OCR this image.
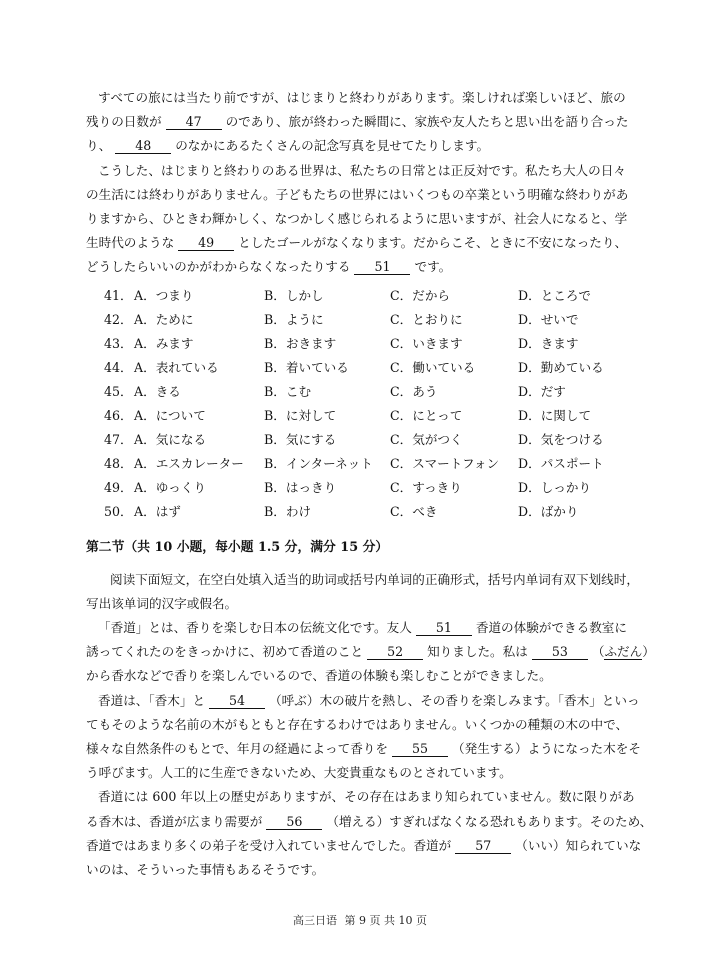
すべての旅には当たり前ですが、はじまりと終わりがあります。楽しければ楽しいほど、旅の
残りの日数が 47 のであり、旅が終わった瞬間に、家族や友人たちと思い出を語り合った
り、 48 のなかにあるたくさんの記念写真を見せてたりします。
こうした、はじまりと終わりのある世界は、私たちの日常とは正反対です。私たち大人の日々
の生活には終わりがありません。子どもたちの世界にはいくつもの卒業という明確な終わりがあ
りますから、ひときわ輝かしく、なつかしく感じられるように思いますが、社会人になると、学
生時代のような 49 としたゴールがなくなります。だからこそ、ときに不安になったり、
どうしたらいいのかがわからなくなったりする 51 です。
41． A．つまり	B．しかし	C．だから	D．ところで
42． A．ために	B．ように	C．とおりに	D．せいで
43． A．みます	B．おきます	C．いきます	D．きます
44． A．表れている	B．着いている	C．働いている	D．勤めている
45． A．きる	B．こむ	C．あう	D．だす
46． A．について	B．に対して	C．にとって	D．に関して
47． A．気になる	B．気にする	C．気がつく	D．気をつける
48． A．エスカレーター B．インターネット C．スマートフォン D．パスポート
49． A．ゆっくり	B．はっきり	C．すっきり	D．しっかり
50． A．はず	B．わけ	C．べき	D．ばかり
第二节（共 10 小题，每小题 1.5 分，满分 15 分）
阅读下面短文，在空白处填入适当的助词或括号内单词的正确形式，括号内单词有双下划线时，
写出该单词的汉字或假名。
「香道」とは、香りを楽しむ日本の伝統文化です。友人 51 香道の体験ができる教室に
誘ってくれたのをきっかけに、初めて香道のこと 52 知りました。私は 53 （ふだん）
から香水などで香りを楽しんでいるので、香道の体験も楽しむことができました。
香道は、「香木」と 54 （呼ぶ）木の破片を熱し、その香りを楽しみます。「香木」といっ
てもそのような名前の木がもともと存在するわけではありません。いくつかの種類の木の中で、
様々な自然条件のもとで、年月の経過によって香りを 55 （発生する）ようになった木をそ
う呼びます。人工的に生産できないため、大変貴重なものとされています。
香道には 600 年以上の歴史がありますが、その存在はあまり知られていません。数に限りがあ
る香木は、香道が広まり需要が 56 （増える）すぎればなくなる恐れもあります。そのため、
香道ではあまり多くの弟子を受け入れていませんでした。香道が 57 （いい）知られていな
いのは、そういった事情もあるそうです。
高三日语 第 9 页 共 10 页
